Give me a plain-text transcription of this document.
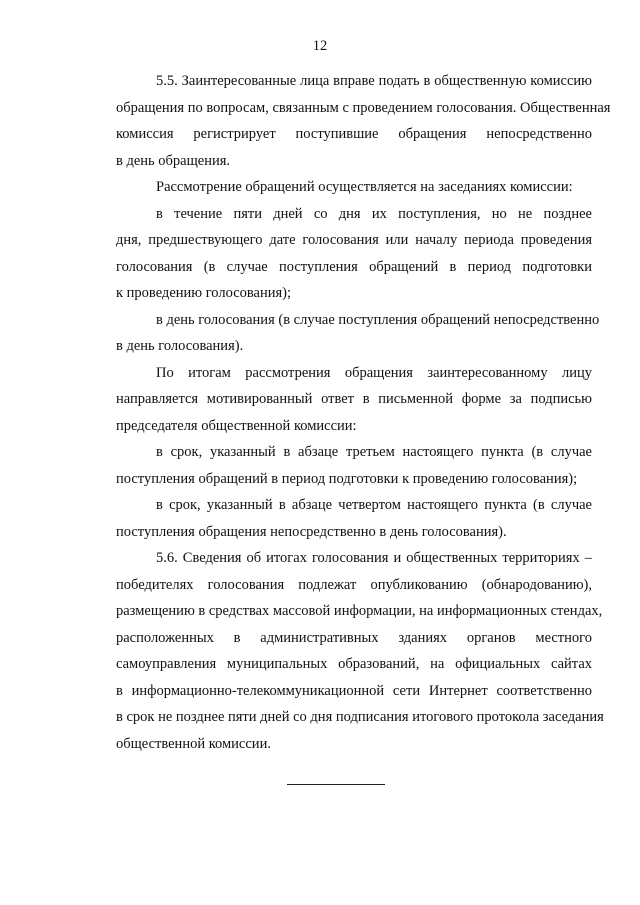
12
5.5. Заинтересованные лица вправе подать в общественную комиссию
обращения по вопросам, связанным с проведением голосования. Общественная
комиссия регистрирует поступившие обращения непосредственно
в день обращения.
Рассмотрение обращений осуществляется на заседаниях комиссии:
в течение пяти дней со дня их поступления, но не позднее
дня, предшествующего дате голосования или началу периода проведения
голосования (в случае поступления обращений в период подготовки
к проведению голосования);
в день голосования (в случае поступления обращений непосредственно
в день голосования).
По итогам рассмотрения обращения заинтересованному лицу
направляется мотивированный ответ в письменной форме за подписью
председателя общественной комиссии:
в срок, указанный в абзаце третьем настоящего пункта (в случае
поступления обращений в период подготовки к проведению голосования);
в срок, указанный в абзаце четвертом настоящего пункта (в случае
поступления обращения непосредственно в день голосования).
5.6. Сведения об итогах голосования и общественных территориях –
победителях голосования подлежат опубликованию (обнародованию),
размещению в средствах массовой информации, на информационных стендах,
расположенных в административных зданиях органов местного
самоуправления муниципальных образований, на официальных сайтах
в информационно-телекоммуникационной сети Интернет соответственно
в срок не позднее пяти дней со дня подписания итогового протокола заседания
общественной комиссии.
